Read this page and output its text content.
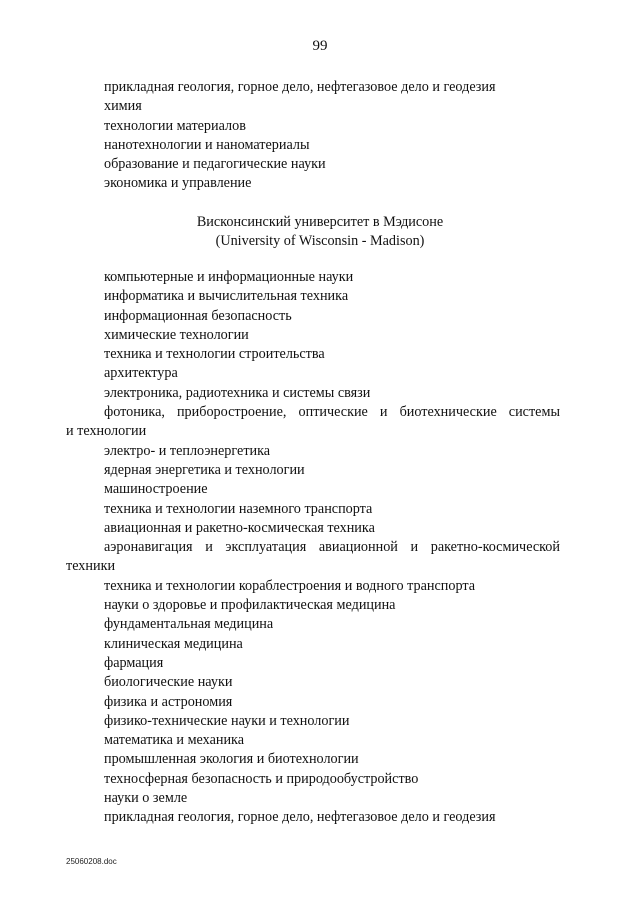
99
прикладная геология, горное дело, нефтегазовое дело и геодезия
химия
технологии материалов
нанотехнологии и наноматериалы
образование и педагогические науки
экономика и управление
Висконсинский университет в Мэдисоне
(University of Wisconsin - Madison)
компьютерные и информационные науки
информатика и вычислительная техника
информационная безопасность
химические технологии
техника и технологии строительства
архитектура
электроника, радиотехника и системы связи
фотоника, приборостроение, оптические и биотехнические системы
и технологии
электро- и теплоэнергетика
ядерная энергетика и технологии
машиностроение
техника и технологии наземного транспорта
авиационная и ракетно-космическая техника
аэронавигация и эксплуатация авиационной и ракетно-космической
техники
техника и технологии кораблестроения и водного транспорта
науки о здоровье и профилактическая медицина
фундаментальная медицина
клиническая медицина
фармация
биологические науки
физика и астрономия
физико-технические науки и технологии
математика и механика
промышленная экология и биотехнологии
техносферная безопасность и природообустройство
науки о земле
прикладная геология, горное дело, нефтегазовое дело и геодезия
25060208.doc
